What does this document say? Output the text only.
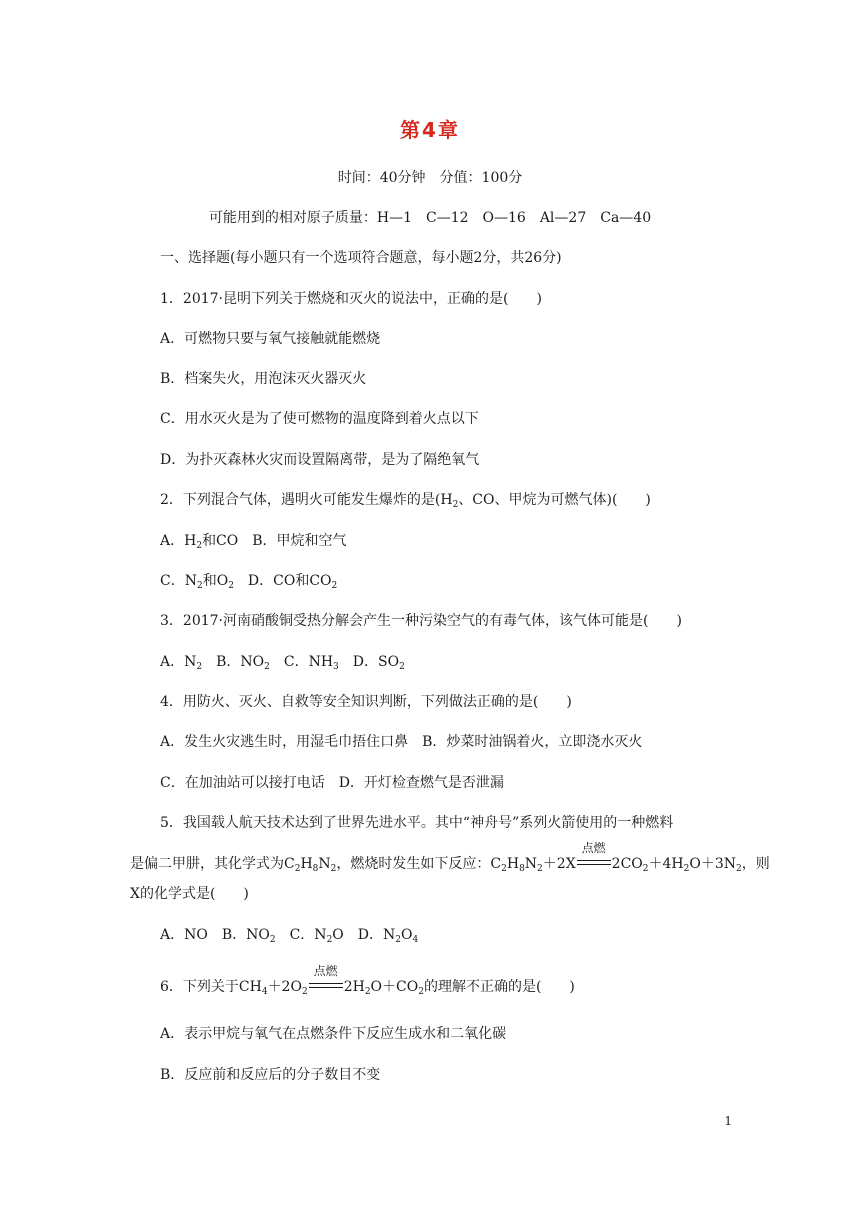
第4章
时间：40分钟　分值：100分
可能用到的相对原子质量：H—1　C—12　O—16　Al—27　Ca—40
一、选择题(每小题只有一个选项符合题意，每小题2分，共26分)
1．2017·昆明下列关于燃烧和灭火的说法中，正确的是(　　)
A．可燃物只要与氧气接触就能燃烧
B．档案失火，用泡沫灭火器灭火
C．用水灭火是为了使可燃物的温度降到着火点以下
D．为扑灭森林火灾而设置隔离带，是为了隔绝氧气
2．下列混合气体，遇明火可能发生爆炸的是($H_2$、CO、甲烷为可燃气体)(　　)
A．$H_2$和CO　B．甲烷和空气
C．$N_2$和$O_2$　D．CO和$CO_2$
3．2017·河南硝酸铜受热分解会产生一种污染空气的有毒气体，该气体可能是(　　)
A．$N_2$　B．$NO_2$　C．$NH_3$　D．$SO_2$
4．用防火、灭火、自救等安全知识判断，下列做法正确的是(　　)
A．发生火灾逃生时，用湿毛巾捂住口鼻　B．炒菜时油锅着火，立即浇水灭火
C．在加油站可以接打电话　D．开灯检查燃气是否泄漏
5．我国载人航天技术达到了世界先进水平。其中“神舟号”系列火箭使用的一种燃料
是偏二甲肼，其化学式为$C_2H_8N_2$，燃烧时发生如下反应：$C_2H_8N_2+2X$
点燃
$2CO_2+4H_2O+3N_2$，则
X的化学式是(　　)
A．NO　B．$NO_2$　C．$N_2O$　D．$N_2O_4$
6．下列关于$CH_4+2O_2$
点燃
$2H_2O+CO_2$的理解不正确的是(　　)
A．表示甲烷与氧气在点燃条件下反应生成水和二氧化碳
B．反应前和反应后的分子数目不变
1
